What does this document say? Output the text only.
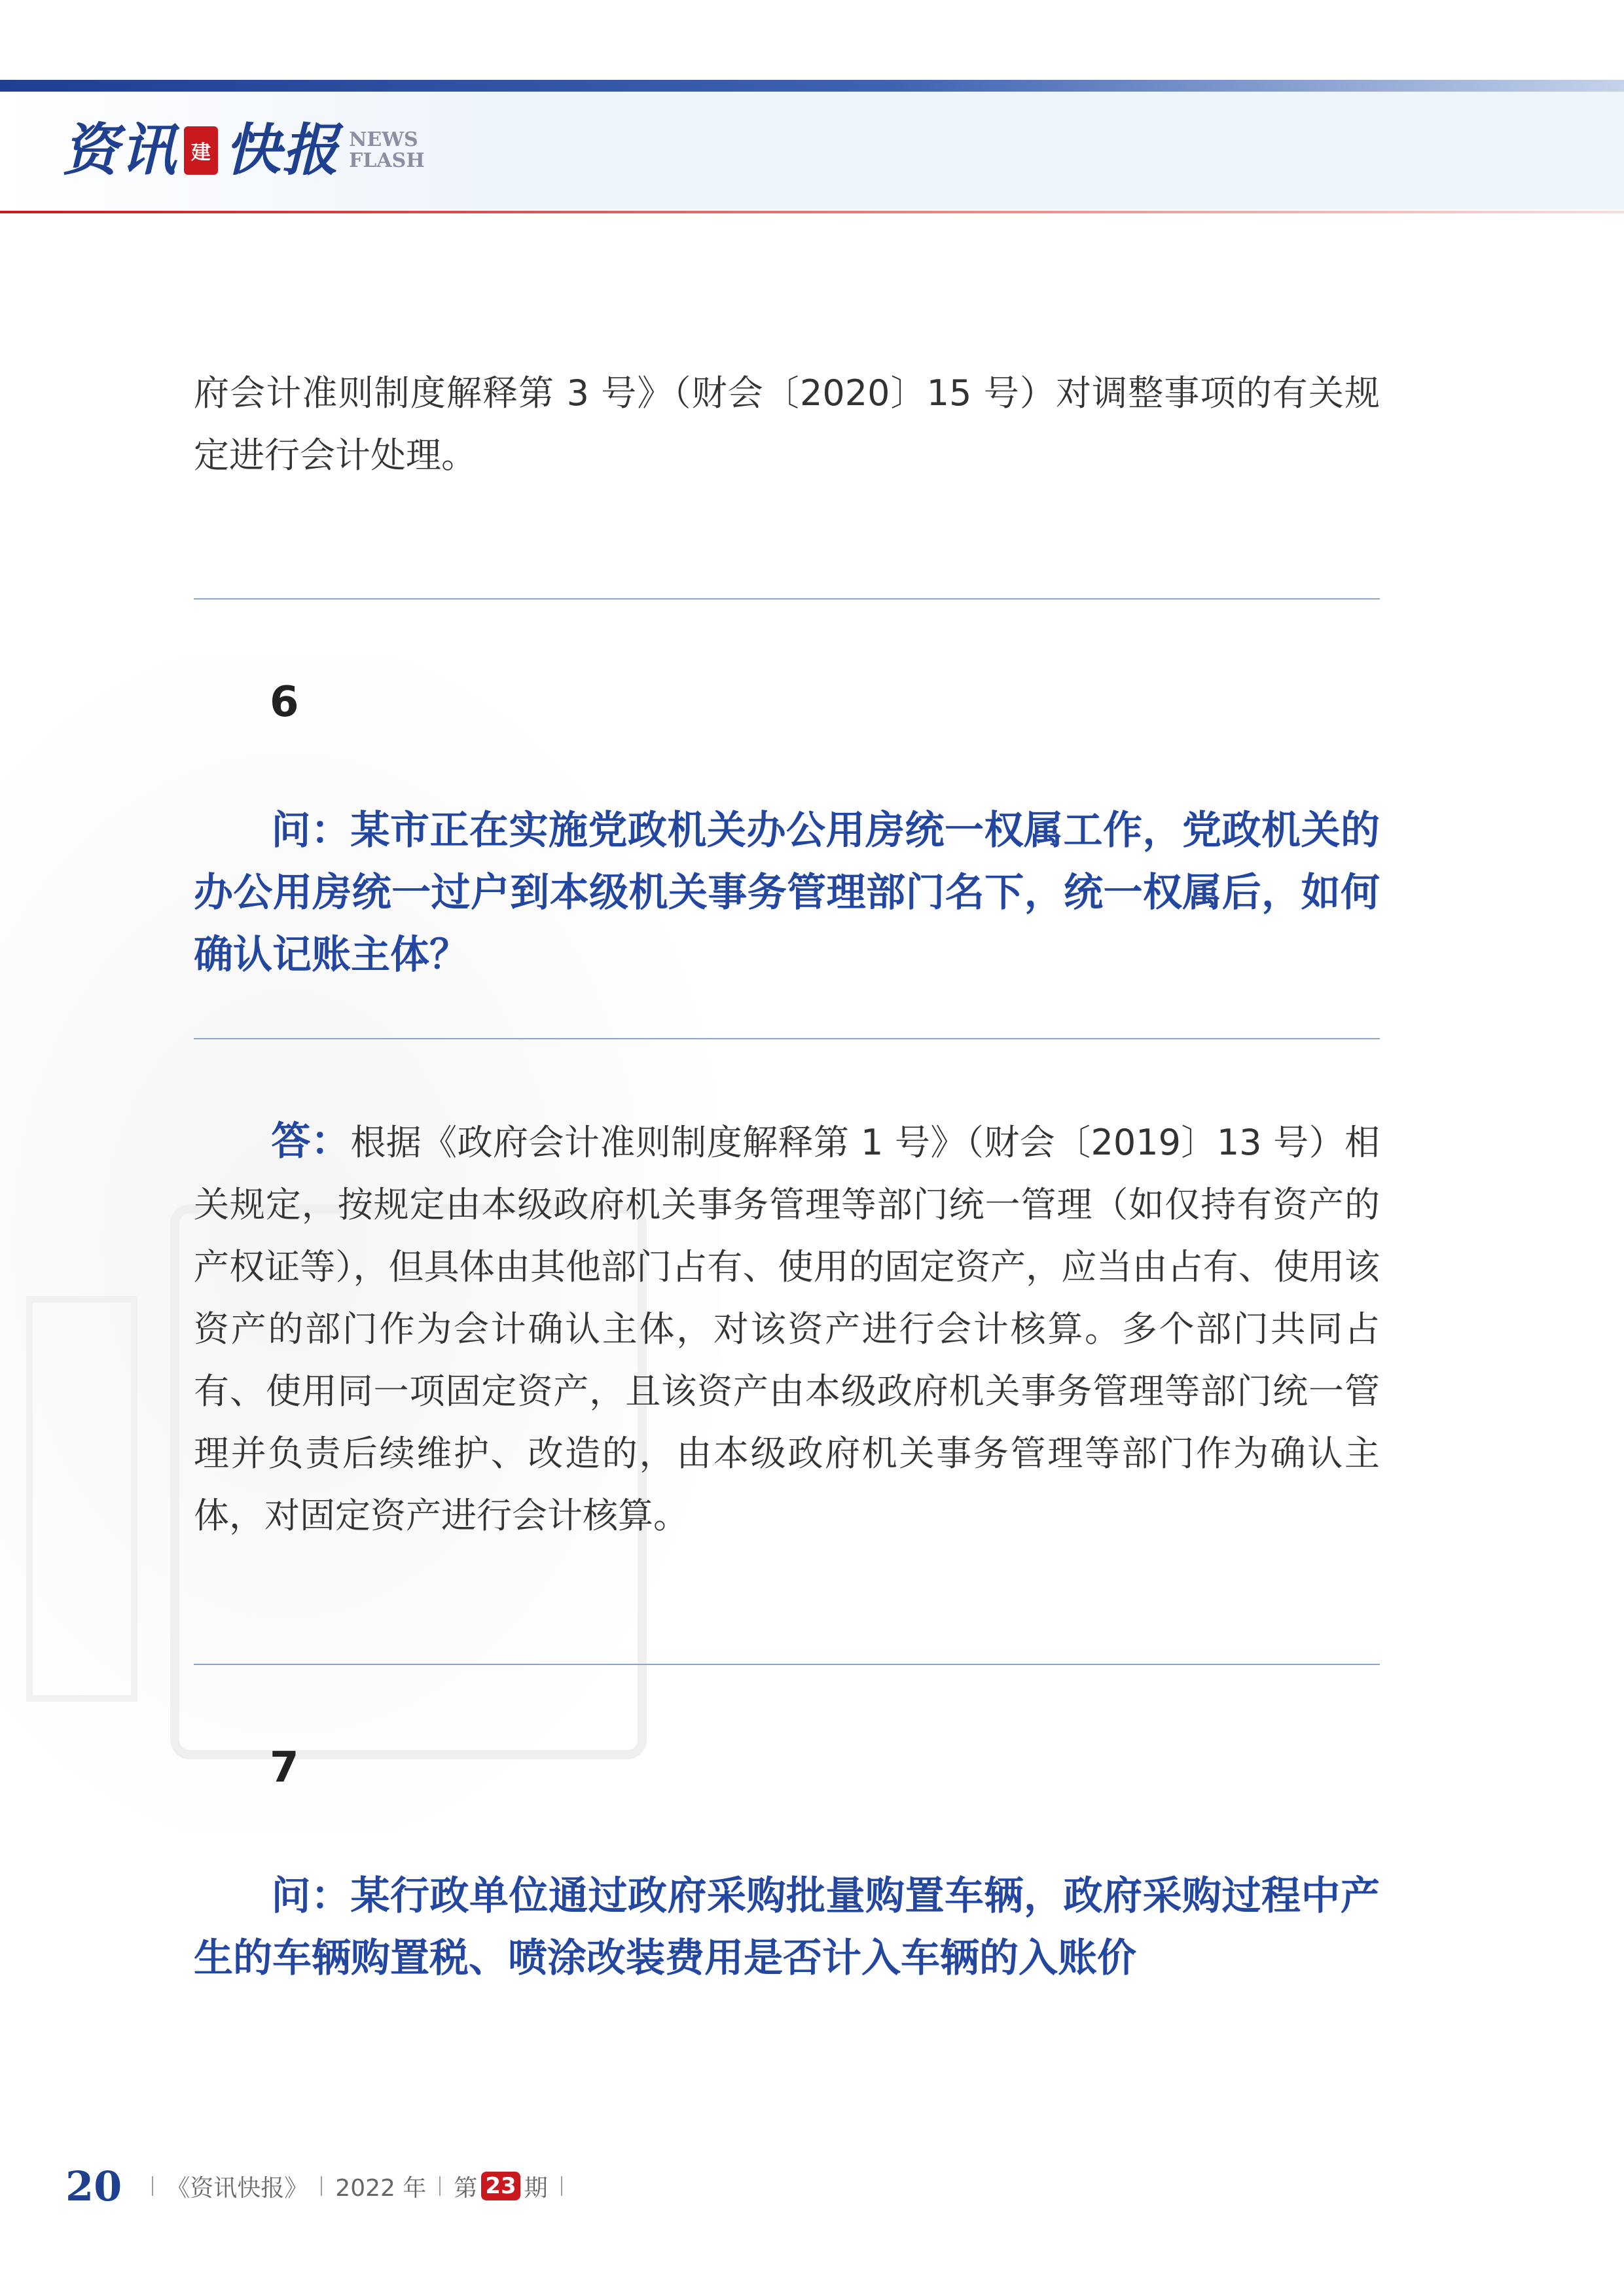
资讯 建 快报 NEWS
FLASH

府会计准则制度解释第 3 号》（财会〔2020〕15 号）对调整事项的有关规定进行会计处理。

6

问：某市正在实施党政机关办公用房统一权属工作，党政机关的办公用房统一过户到本级机关事务管理部门名下，统一权属后，如何确认记账主体？

答：根据《政府会计准则制度解释第 1 号》（财会〔2019〕13 号）相关规定，按规定由本级政府机关事务管理等部门统一管理（如仅持有资产的产权证等），但具体由其他部门占有、使用的固定资产，应当由占有、使用该资产的部门作为会计确认主体，对该资产进行会计核算。多个部门共同占有、使用同一项固定资产，且该资产由本级政府机关事务管理等部门统一管理并负责后续维护、改造的，由本级政府机关事务管理等部门作为确认主体，对固定资产进行会计核算。

7

问：某行政单位通过政府采购批量购置车辆，政府采购过程中产生的车辆购置税、喷涂改装费用是否计入车辆的入账价

20 《资讯快报》 2022 年 第 23 期
